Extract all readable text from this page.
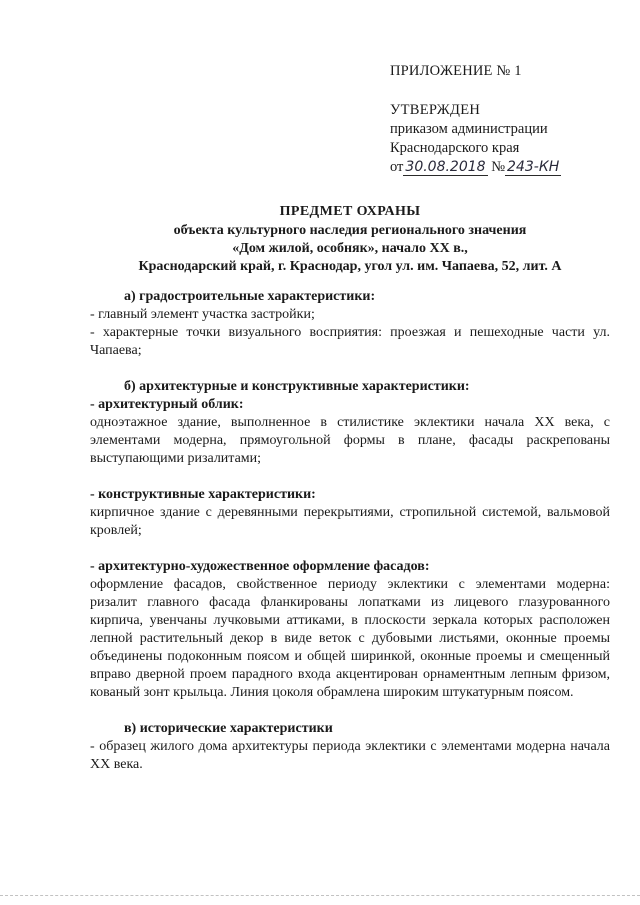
ПРИЛОЖЕНИЕ № 1
УТВЕРЖДЕН
приказом администрации
Краснодарского края
от 30.08.2018 № 243-КН
ПРЕДМЕТ ОХРАНЫ
объекта культурного наследия регионального значения
«Дом жилой, особняк», начало XX в.,
Краснодарский край, г. Краснодар, угол ул. им. Чапаева, 52, лит. А
а) градостроительные характеристики:
- главный элемент участка застройки;
- характерные точки визуального восприятия: проезжая и пешеходные части ул. Чапаева;
б) архитектурные и конструктивные характеристики:
- архитектурный облик:
одноэтажное здание, выполненное в стилистике эклектики начала XX века, с элементами модерна, прямоугольной формы в плане, фасады раскрепованы выступающими ризалитами;
- конструктивные характеристики:
кирпичное здание с деревянными перекрытиями, стропильной системой, вальмовой кровлей;
- архитектурно-художественное оформление фасадов:
оформление фасадов, свойственное периоду эклектики с элементами модерна: ризалит главного фасада фланкированы лопатками из лицевого глазурованного кирпича, увенчаны лучковыми аттиками, в плоскости зеркала которых расположен лепной растительный декор в виде веток с дубовыми листьями, оконные проемы объединены подоконным поясом и общей ширинкой, оконные проемы и смещенный вправо дверной проем парадного входа акцентирован орнаментным лепным фризом, кованый зонт крыльца. Линия цоколя обрамлена широким штукатурным поясом.
в) исторические характеристики
- образец жилого дома архитектуры периода эклектики с элементами модерна начала XX века.
